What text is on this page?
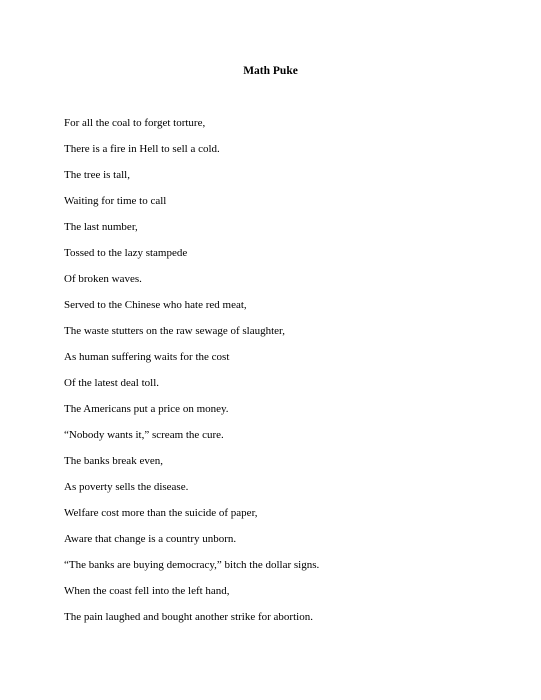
Math Puke
For all the coal to forget torture,
There is a fire in Hell to sell a cold.
The tree is tall,
Waiting for time to call
The last number,
Tossed to the lazy stampede
Of broken waves.
Served to the Chinese who hate red meat,
The waste stutters on the raw sewage of slaughter,
As human suffering waits for the cost
Of the latest deal toll.
The Americans put a price on money.
“Nobody wants it,” scream the cure.
The banks break even,
As poverty sells the disease.
Welfare cost more than the suicide of paper,
Aware that change is a country unborn.
“The banks are buying democracy,” bitch the dollar signs.
When the coast fell into the left hand,
The pain laughed and bought another strike for abortion.
